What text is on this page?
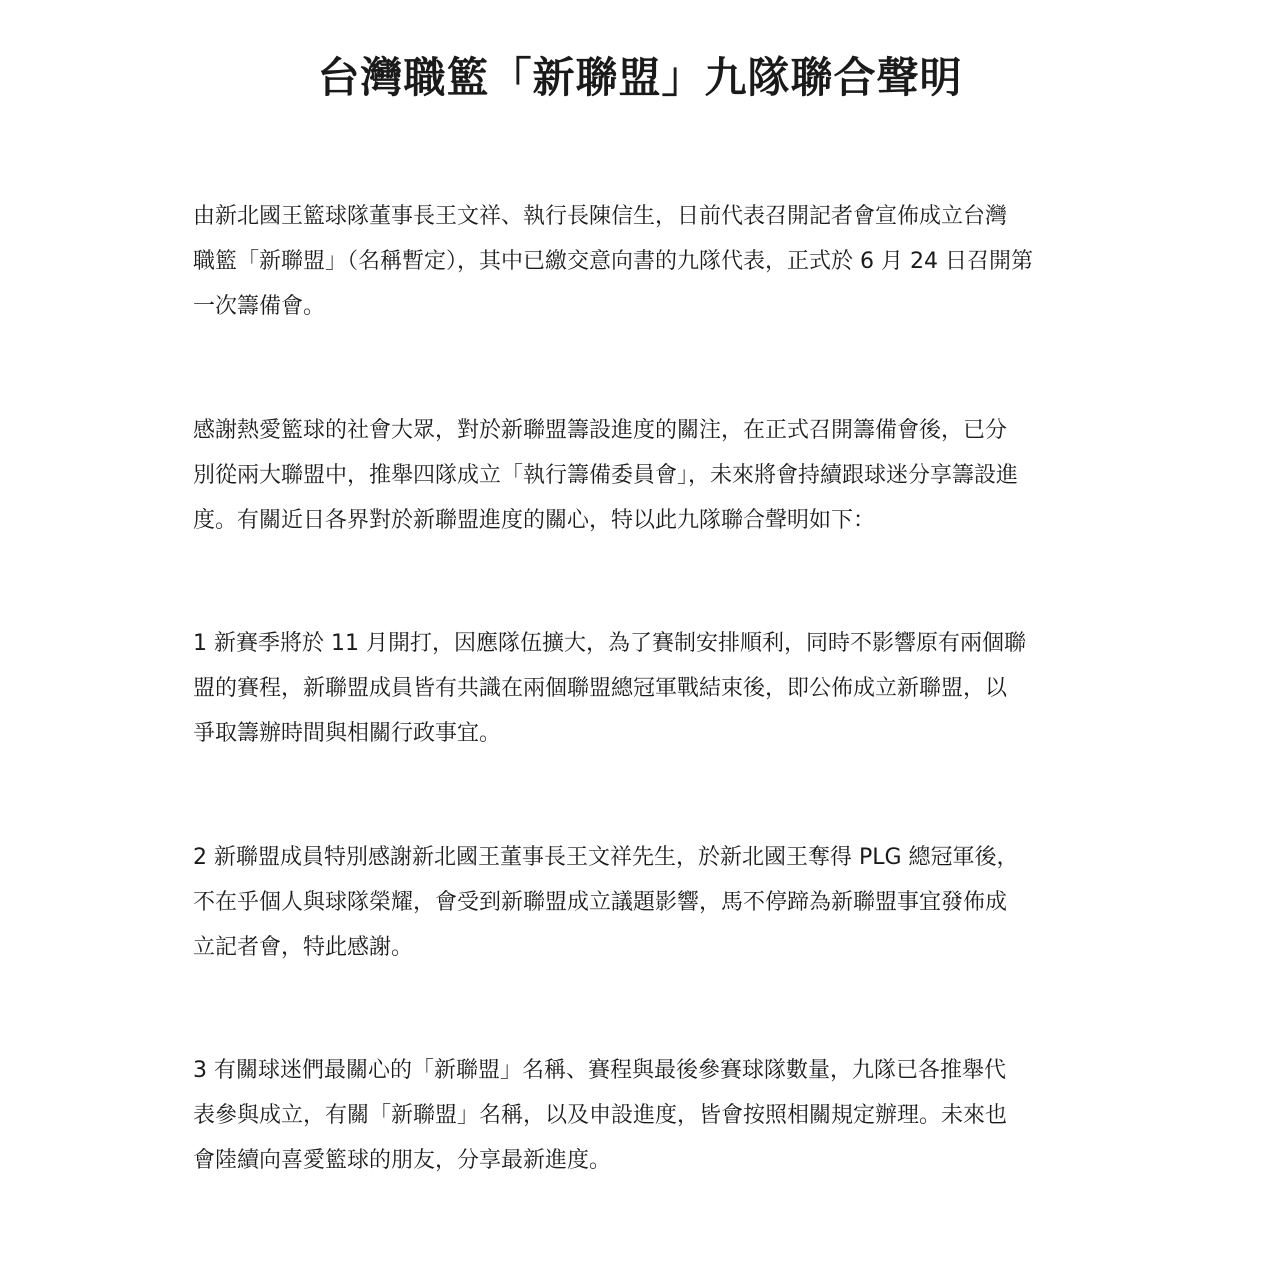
台灣職籃「新聯盟」九隊聯合聲明

由新北國王籃球隊董事長王文祥、執行長陳信生，日前代表召開記者會宣佈成立台灣
職籃「新聯盟」（名稱暫定），其中已繳交意向書的九隊代表，正式於 6 月 24 日召開第
一次籌備會。

感謝熱愛籃球的社會大眾，對於新聯盟籌設進度的關注，在正式召開籌備會後，已分
別從兩大聯盟中，推舉四隊成立「執行籌備委員會」，未來將會持續跟球迷分享籌設進
度。有關近日各界對於新聯盟進度的關心，特以此九隊聯合聲明如下：

1 新賽季將於 11 月開打，因應隊伍擴大，為了賽制安排順利，同時不影響原有兩個聯
盟的賽程，新聯盟成員皆有共識在兩個聯盟總冠軍戰結束後，即公佈成立新聯盟，以
爭取籌辦時間與相關行政事宜。

2 新聯盟成員特別感謝新北國王董事長王文祥先生，於新北國王奪得 PLG 總冠軍後，
不在乎個人與球隊榮耀，會受到新聯盟成立議題影響，馬不停蹄為新聯盟事宜發佈成
立記者會，特此感謝。

3 有關球迷們最關心的「新聯盟」名稱、賽程與最後參賽球隊數量，九隊已各推舉代
表參與成立，有關「新聯盟」名稱，以及申設進度，皆會按照相關規定辦理。未來也
會陸續向喜愛籃球的朋友，分享最新進度。
